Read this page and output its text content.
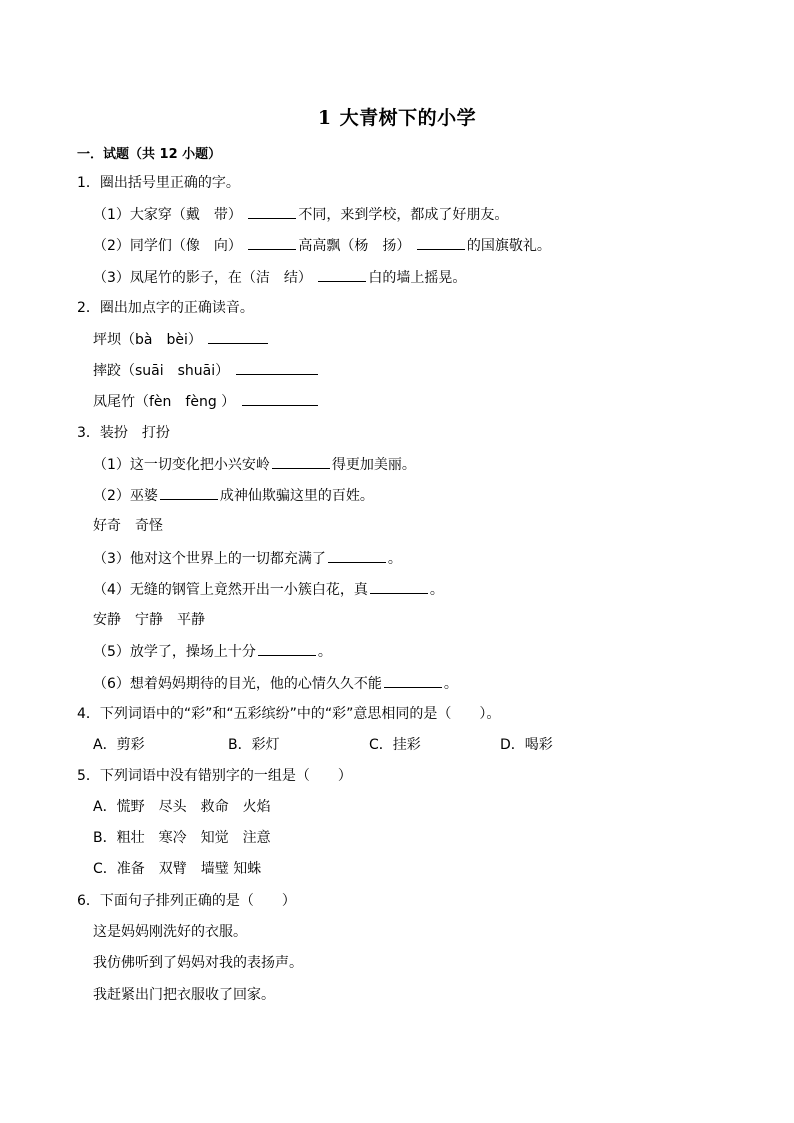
1 大青树下的小学
一．试题（共 12 小题）
1．圈出括号里正确的字。
（1）大家穿（戴　带）	不同，来到学校，都成了好朋友。
（2）同学们（像　向）	高高飘（杨　扬）	的国旗敬礼。
（3）凤尾竹的影子，在（洁　结）	白的墙上摇晃。
2．圈出加点字的正确读音。
坪坝（bà　bèi）
摔跤（suāi　shuāi）
凤尾竹（fèn　fèng ）
3．装扮　打扮
（1）这一切变化把小兴安岭	得更加美丽。
（2）巫婆	成神仙欺骗这里的百姓。
好奇　奇怪
（3）他对这个世界上的一切都充满了	。
（4）无缝的钢管上竟然开出一小簇白花，真	。
安静　宁静　平静
（5）放学了，操场上十分	。
（6）想着妈妈期待的目光，他的心情久久不能	。
4．下列词语中的“彩”和“五彩缤纷”中的“彩”意思相同的是（　　）。
A．剪彩	B．彩灯	C．挂彩	D．喝彩
5．下列词语中没有错别字的一组是（　　）
A．慌野　尽头　救命　火焰
B．粗壮　寒冷　知觉　注意
C．准备　双臂　墙璧 知蛛
6．下面句子排列正确的是（　　）
这是妈妈刚洗好的衣服。
我仿佛听到了妈妈对我的表扬声。
我赶紧出门把衣服收了回家。
